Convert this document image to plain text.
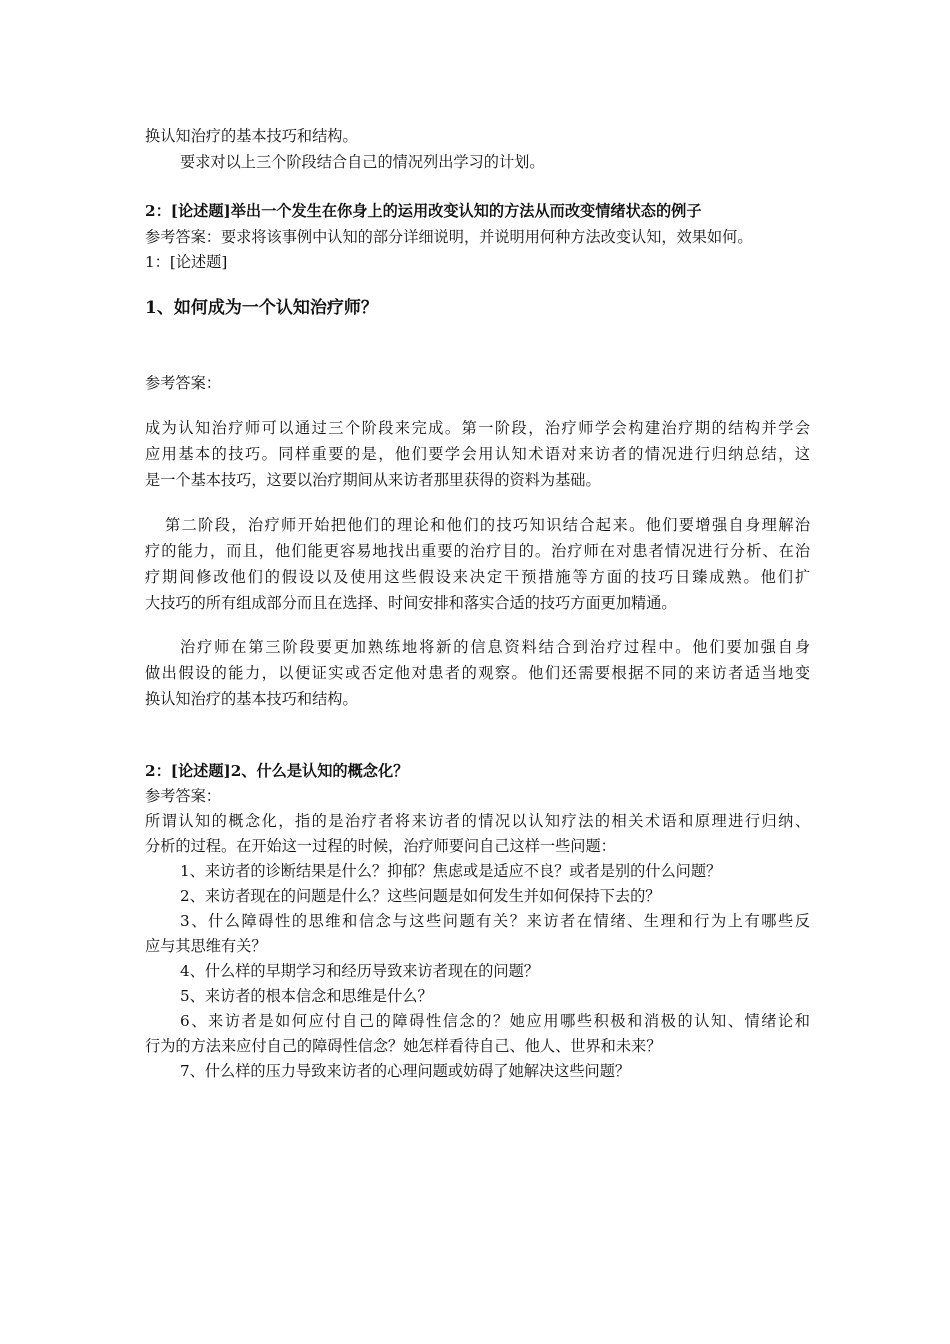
换认知治疗的基本技巧和结构。
要求对以上三个阶段结合自己的情况列出学习的计划。
2：[论述题]举出一个发生在你身上的运用改变认知的方法从而改变情绪状态的例子
参考答案：要求将该事例中认知的部分详细说明，并说明用何种方法改变认知，效果如何。
1：[论述题]
1、如何成为一个认知治疗师？
参考答案：
成为认知治疗师可以通过三个阶段来完成。第一阶段，治疗师学会构建治疗期的结构并学会
应用基本的技巧。同样重要的是，他们要学会用认知术语对来访者的情况进行归纳总结，这
是一个基本技巧，这要以治疗期间从来访者那里获得的资料为基础。
第二阶段，治疗师开始把他们的理论和他们的技巧知识结合起来。他们要增强自身理解治
疗的能力，而且，他们能更容易地找出重要的治疗目的。治疗师在对患者情况进行分析、在治
疗期间修改他们的假设以及使用这些假设来决定干预措施等方面的技巧日臻成熟。他们扩
大技巧的所有组成部分而且在选择、时间安排和落实合适的技巧方面更加精通。
治疗师在第三阶段要更加熟练地将新的信息资料结合到治疗过程中。他们要加强自身
做出假设的能力，以便证实或否定他对患者的观察。他们还需要根据不同的来访者适当地变
换认知治疗的基本技巧和结构。
2：[论述题]2、什么是认知的概念化？
参考答案：
所谓认知的概念化，指的是治疗者将来访者的情况以认知疗法的相关术语和原理进行归纳、
分析的过程。在开始这一过程的时候，治疗师要问自己这样一些问题：
1、来访者的诊断结果是什么？抑郁？焦虑或是适应不良？或者是别的什么问题？
2、来访者现在的问题是什么？这些问题是如何发生并如何保持下去的？
3、什么障碍性的思维和信念与这些问题有关？来访者在情绪、生理和行为上有哪些反
应与其思维有关？
4、什么样的早期学习和经历导致来访者现在的问题？
5、来访者的根本信念和思维是什么？
6、来访者是如何应付自己的障碍性信念的？她应用哪些积极和消极的认知、情绪论和
行为的方法来应付自己的障碍性信念？她怎样看待自己、他人、世界和未来？
7、什么样的压力导致来访者的心理问题或妨碍了她解决这些问题？
